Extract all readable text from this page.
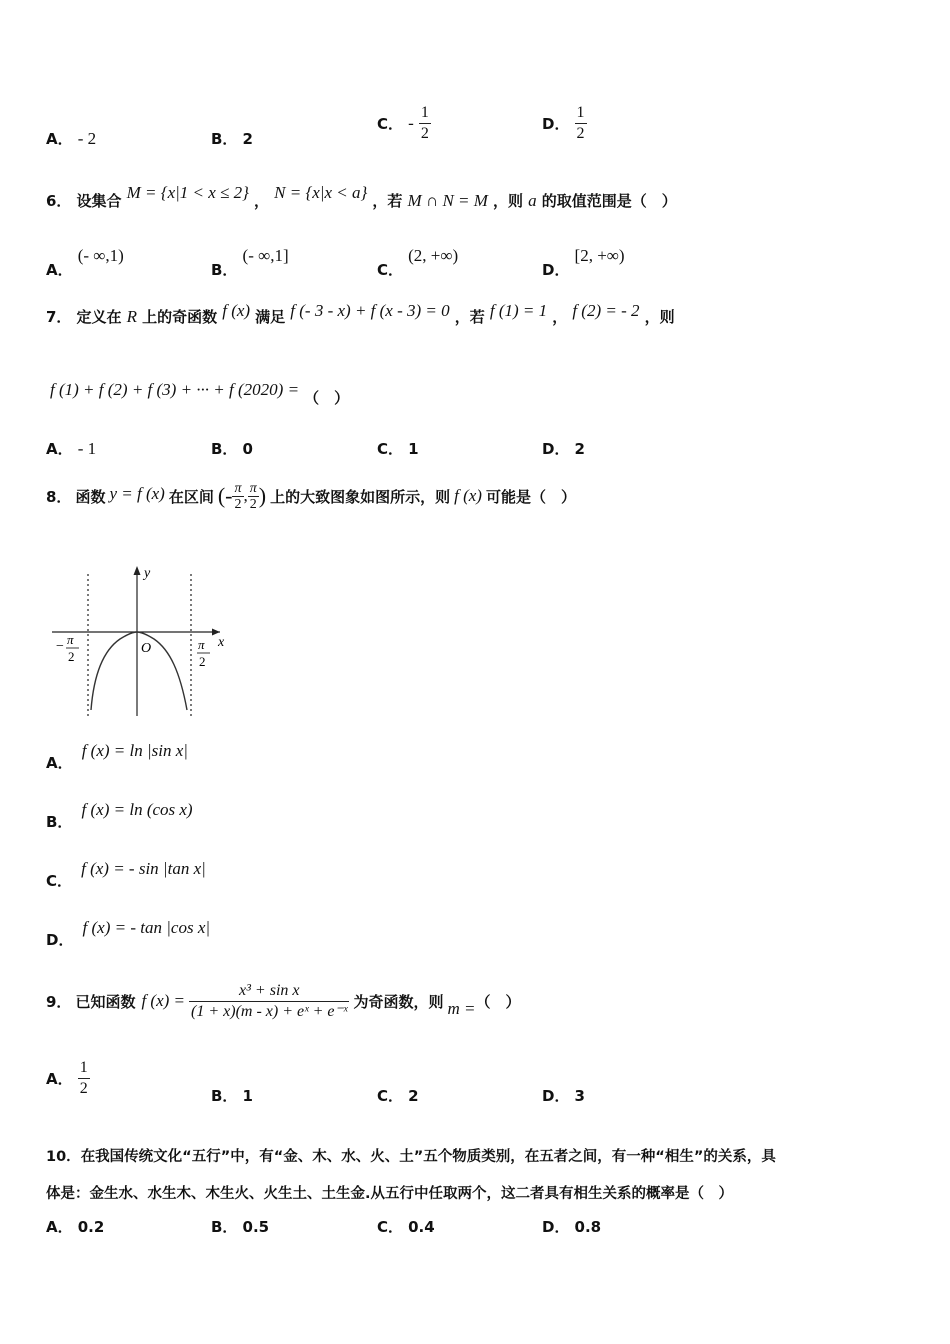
A． - 2	B． 2
C． - $\frac{1}{2}$	D． $\frac{1}{2}$
6． 设集合 M = {x|1 < x ≤ 2} ， N = {x|x < a} ，若 M ∩ N = M ，则 a 的取值范围是（　）
A． (- ∞,1)
B． (- ∞,1]
C． (2, +∞)
D． [2, +∞)
7． 定义在 R 上的奇函数 f (x) 满足 f (- 3 - x) + f (x - 3) = 0 ，若 f (1) = 1 ， f (2) = - 2 ，则
f (1) + f (2) + f (3) + ··· + f (2020) = （　）
A． - 1	B． 0	C． 1	D． 2
8． 函数 y = f (x) 在区间 (- $\frac{\pi}{2}$ , $\frac{\pi}{2}$ ) 上的大致图象如图所示，则 f (x) 可能是（　）
y
x
O
− π
2
π
2
A． f (x) = ln |sin x|
B． f (x) = ln (cos x)
C． f (x) = - sin |tan x|
D． f (x) = - tan |cos x|
9． 已知函数 f $(x) = \frac{\text{x³ + sin x}}{\text{(1 + x)(m - x) + eˣ + e⁻ˣ}}$ 为奇函数，则 m = （　）
A． $\frac{1}{2}$	B． 1	C． 2	D． 3
10．在我国传统文化“五行”中，有“金、木、水、火、土”五个物质类别，在五者之间，有一种“相生”的关系，具
体是：金生水、水生木、木生火、火生土、土生金.从五行中任取两个，这二者具有相生关系的概率是（　）
A． 0.2	B． 0.5	C． 0.4	D． 0.8
